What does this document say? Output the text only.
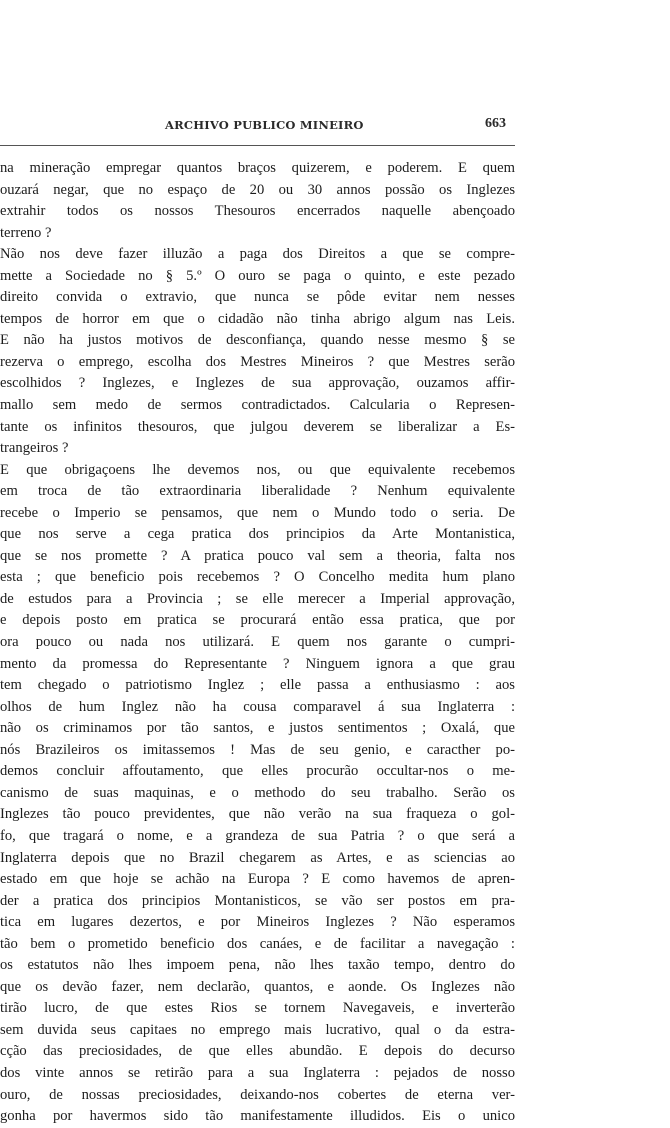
ARCHIVO PUBLICO MINEIRO	663
na mineração empregar quantos braços quizerem, e poderem. E quem
ouzará negar, que no espaço de 20 ou 30 annos possão os Inglezes
extrahir todos os nossos Thesouros encerrados naquelle abençoado
terreno ?
Não nos deve fazer illuzão a paga dos Direitos a que se compre-
mette a Sociedade no § 5.º O ouro se paga o quinto, e este pezado
direito convida o extravio, que nunca se pôde evitar nem nesses
tempos de horror em que o cidadão não tinha abrigo algum nas Leis.
E não ha justos motivos de desconfiança, quando nesse mesmo § se
rezerva o emprego, escolha dos Mestres Mineiros ? que Mestres serão
escolhidos ? Inglezes, e Inglezes de sua approvação, ouzamos affir-
mallo sem medo de sermos contradictados. Calcularia o Represen-
tante os infinitos thesouros, que julgou deverem se liberalizar a Es-
trangeiros ?
E que obrigaçoens lhe devemos nos, ou que equivalente recebemos
em troca de tão extraordinaria liberalidade ? Nenhum equivalente
recebe o Imperio se pensamos, que nem o Mundo todo o seria. De
que nos serve a cega pratica dos principios da Arte Montanistica,
que se nos promette ? A pratica pouco val sem a theoria, falta nos
esta ; que beneficio pois recebemos ? O Concelho medita hum plano
de estudos para a Provincia ; se elle merecer a Imperial approvação,
e depois posto em pratica se procurará então essa pratica, que por
ora pouco ou nada nos utilizará. E quem nos garante o cumpri-
mento da promessa do Representante ? Ninguem ignora a que grau
tem chegado o patriotismo Inglez ; elle passa a enthusiasmo : aos
olhos de hum Inglez não ha cousa comparavel á sua Inglaterra :
não os criminamos por tão santos, e justos sentimentos ; Oxalá, que
nós Brazileiros os imitassemos ! Mas de seu genio, e caracther po-
demos concluir affoutamento, que elles procurão occultar-nos o me-
canismo de suas maquinas, e o methodo do seu trabalho. Serão os
Inglezes tão pouco previdentes, que não verão na sua fraqueza o gol-
fo, que tragará o nome, e a grandeza de sua Patria ? o que será a
Inglaterra depois que no Brazil chegarem as Artes, e as sciencias ao
estado em que hoje se achão na Europa ? E como havemos de apren-
der a pratica dos principios Montanisticos, se vão ser postos em pra-
tica em lugares dezertos, e por Mineiros Inglezes ? Não esperamos
tão bem o prometido beneficio dos canáes, e de facilitar a navegação :
os estatutos não lhes impoem pena, não lhes taxão tempo, dentro do
que os devão fazer, nem declarão, quantos, e aonde. Os Inglezes não
tirão lucro, de que estes Rios se tornem Navegaveis, e inverterão
sem duvida seus capitaes no emprego mais lucrativo, qual o da estra-
cção das preciosidades, de que elles abundão. E depois do decurso
dos vinte annos se retirão para a sua Inglaterra : pejados de nosso
ouro, de nossas preciosidades, deixando-nos cobertes de eterna ver-
gonha por havermos sido tão manifestamente illudidos. Eis o unico
